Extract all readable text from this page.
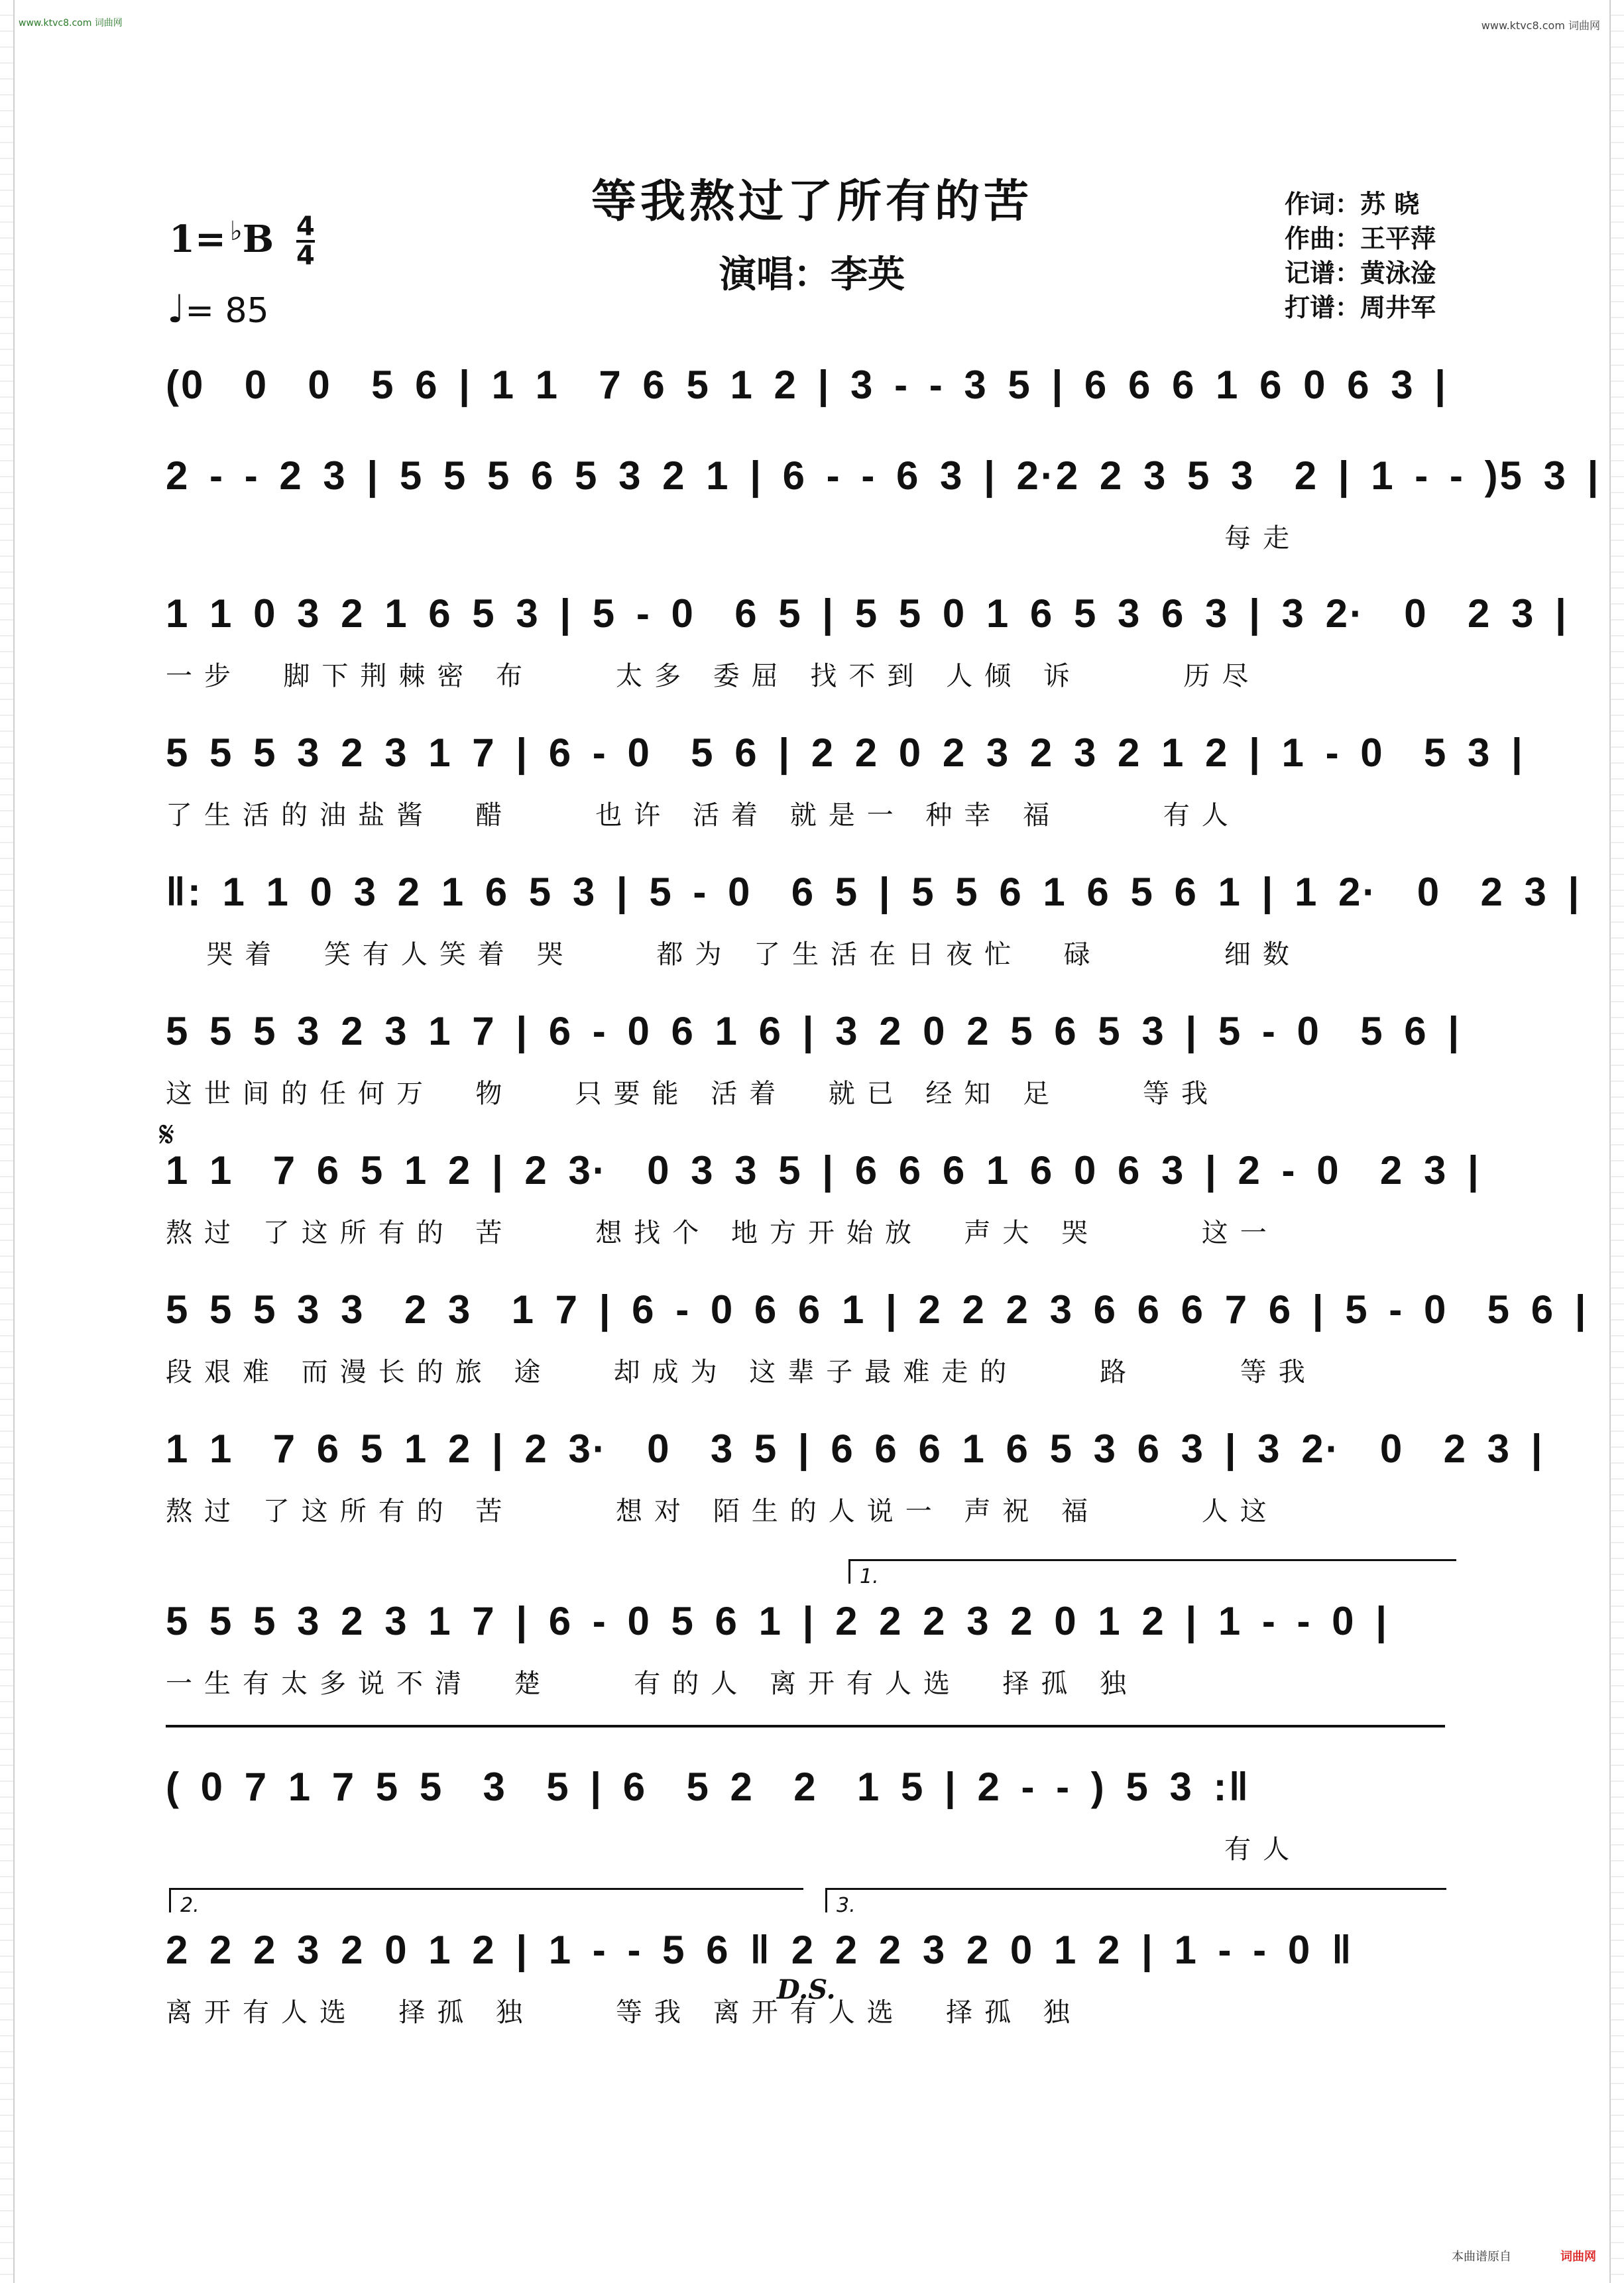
www.ktvc8.com 词曲网	www.ktvc8.com 词曲网
1= ♭B 4
4
♩= 85
等我熬过了所有的苦
演唱：李英
作词：苏 晓
作曲：王平萍
记谱：黄泳淦
打谱：周井军
(0  0  0  5 6 | 1 1  7 6 5 1 2 | 3 - - 3 5 | 6 6 6 1 6 0 6 3 |
2 - - 2 3 | 5 5 5 6 5 3 2 1 | 6 - - 6 3 | 2·2 2 3 5 3  2 | 1 - - )5 3 |
每走
1 1 0 3 2 1 6 5 3 | 5 - 0  6 5 | 5 5 0 1 6 5 3 6 3 | 3 2·  0  2 3 |
一步  脚下荆棘密 布    太多 委屈 找不到 人倾 诉     历尽
5 5 5 3 2 3 1 7 | 6 - 0  5 6 | 2 2 0 2 3 2 3 2 1 2 | 1 - 0  5 3 |
了生活的油盐酱  醋    也许 活着 就是一 种幸 福     有人
‖: 1 1 0 3 2 1 6 5 3 | 5 - 0  6 5 | 5 5 6 1 6 5 6 1 | 1 2·  0  2 3 |
哭着  笑有人笑着 哭    都为 了生活在日夜忙  碌      细数
5 5 5 3 2 3 1 7 | 6 - 0 6 1 6 | 3 2 0 2 5 6 5 3 | 5 - 0  5 6 |
这世间的任何万  物   只要能 活着  就已 经知 足    等我
𝄋
1 1  7 6 5 1 2 | 2 3·  0 3 3 5 | 6 6 6 1 6 0 6 3 | 2 - 0  2 3 |
熬过 了这所有的 苦    想找个 地方开始放  声大 哭     这一
5 5 5 3 3  2 3  1 7 | 6 - 0 6 6 1 | 2 2 2 3 6 6 6 7 6 | 5 - 0  5 6 |
段艰难 而漫长的旅 途   却成为 这辈子最难走的    路     等我
1 1  7 6 5 1 2 | 2 3·  0  3 5 | 6 6 6 1 6 5 3 6 3 | 3 2·  0  2 3 |
熬过 了这所有的 苦     想对 陌生的人说一 声祝 福     人这
1.
5 5 5 3 2 3 1 7 | 6 - 0 5 6 1 | 2 2 2 3 2 0 1 2 | 1 - - 0 |
一生有太多说不清  楚    有的人 离开有人选  择孤 独
( 0 7 1 7 5 5  3  5 | 6  5 2  2  1 5 | 2 - - ) 5 3 :‖
有人
2.	3.
2 2 2 3 2 0 1 2 | 1 - - 5 6 ‖ 2 2 2 3 2 0 1 2 | 1 - - 0 ‖
离开有人选  择孤 独    等我 离开有人选  择孤 独
D.S.
本曲谱原自	词曲网
